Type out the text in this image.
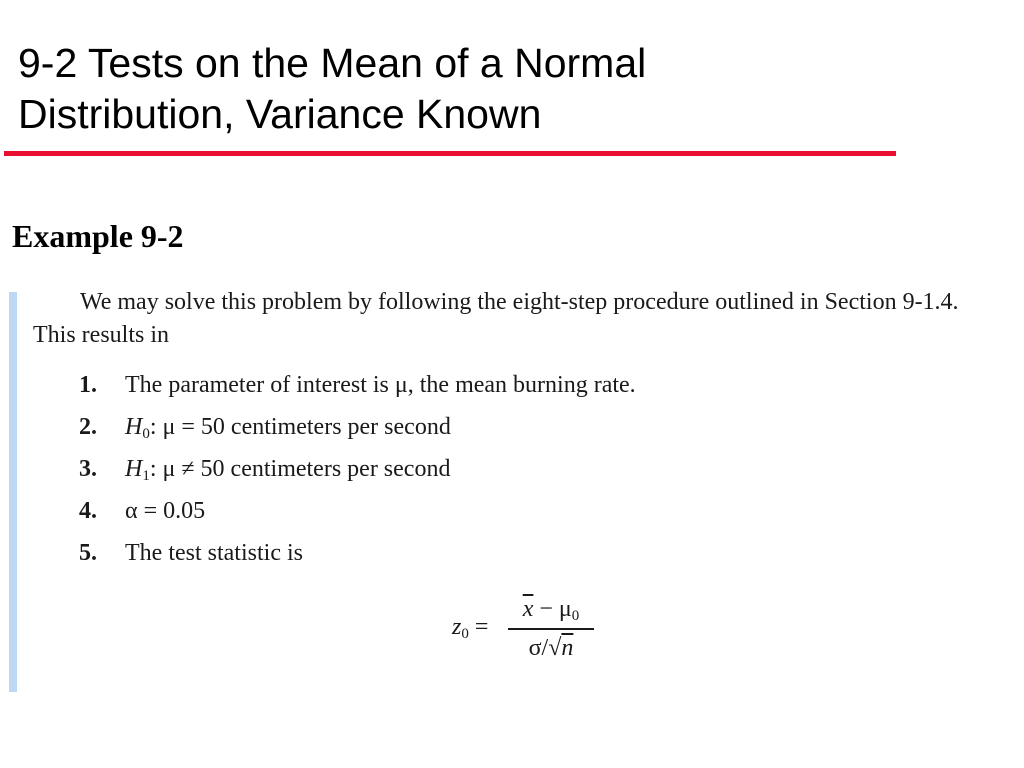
9-2 Tests on the Mean of a Normal
Distribution, Variance Known
Example 9-2

We may solve this problem by following the eight-step procedure outlined in Section 9-1.4.
This results in

1. The parameter of interest is μ, the mean burning rate.
2. $H_0$: μ = 50 centimeters per second
3. $H_1$: μ ≠ 50 centimeters per second
4. α = 0.05
5. The test statistic is
$z_0$ =
$\overline{x} - \mu_0$
σ/√n
